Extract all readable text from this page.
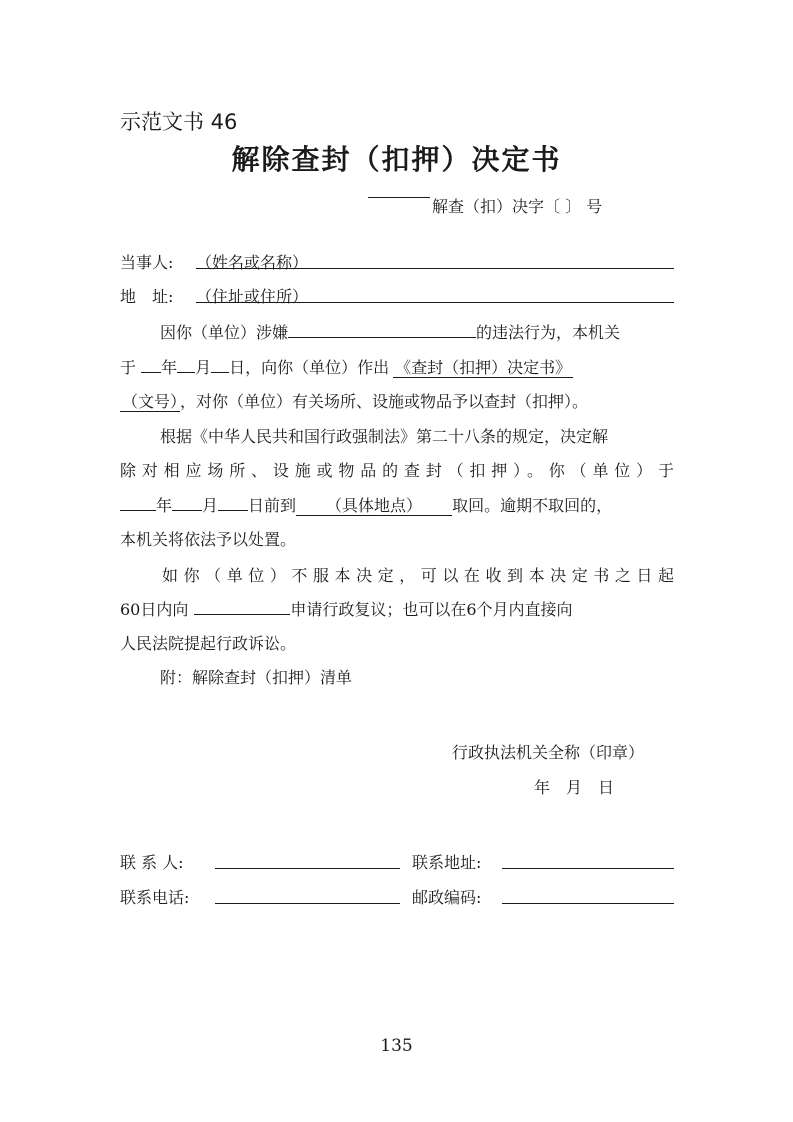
示范文书 46
解除查封（扣押）决定书
解查（扣）决字〔 〕 号
当事人: （姓名或名称）
地　址: （住址或住所）
因你（单位）涉嫌	的违法行为，本机关
于 年 月 日，向你（单位）作出 《查封（扣押）决定书》
（文号） ，对你（单位）有关场所、设施或物品予以查封（扣押）。
根据《中华人民共和国行政强制法》第二十八条的规定，决定解
除对相应场所、设施或物品的查封（扣押）。你（单位）于
年 月 日前到 （具体地点） 取回。逾期不取回的，
本机关将依法予以处置。
如你（单位）不服本决定，可以在收到本决定书之日起
60日内向	申请行政复议；也可以在6个月内直接向
人民法院提起行政诉讼。
附：解除查封（扣押）清单
行政执法机关全称（印章）
年　月　日
联 系 人:	联系地址:
联系电话:	邮政编码:
135
